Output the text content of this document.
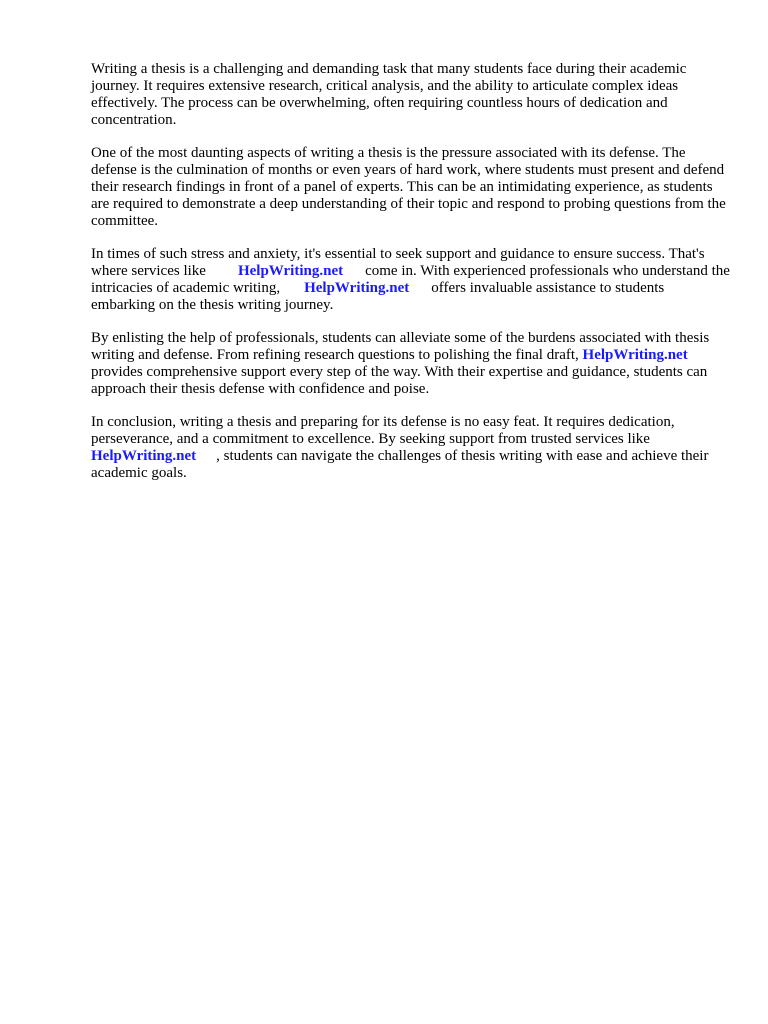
Writing a thesis is a challenging and demanding task that many students face during their academic journey. It requires extensive research, critical analysis, and the ability to articulate complex ideas effectively. The process can be overwhelming, often requiring countless hours of dedication and concentration.

One of the most daunting aspects of writing a thesis is the pressure associated with its defense. The defense is the culmination of months or even years of hard work, where students must present and defend their research findings in front of a panel of experts. This can be an intimidating experience, as students are required to demonstrate a deep understanding of their topic and respond to probing questions from the committee.

In times of such stress and anxiety, it's essential to seek support and guidance to ensure success. That's where services like HelpWriting.net come in. With experienced professionals who understand the intricacies of academic writing, HelpWriting.net offers invaluable assistance to students embarking on the thesis writing journey.

By enlisting the help of professionals, students can alleviate some of the burdens associated with thesis writing and defense. From refining research questions to polishing the final draft, HelpWriting.netprovides comprehensive support every step of the way. With their expertise and guidance, students can approach their thesis defense with confidence and poise.

In conclusion, writing a thesis and preparing for its defense is no easy feat. It requires dedication, perseverance, and a commitment to excellence. By seeking support from trusted services like HelpWriting.net , students can navigate the challenges of thesis writing with ease and achieve their academic goals.
